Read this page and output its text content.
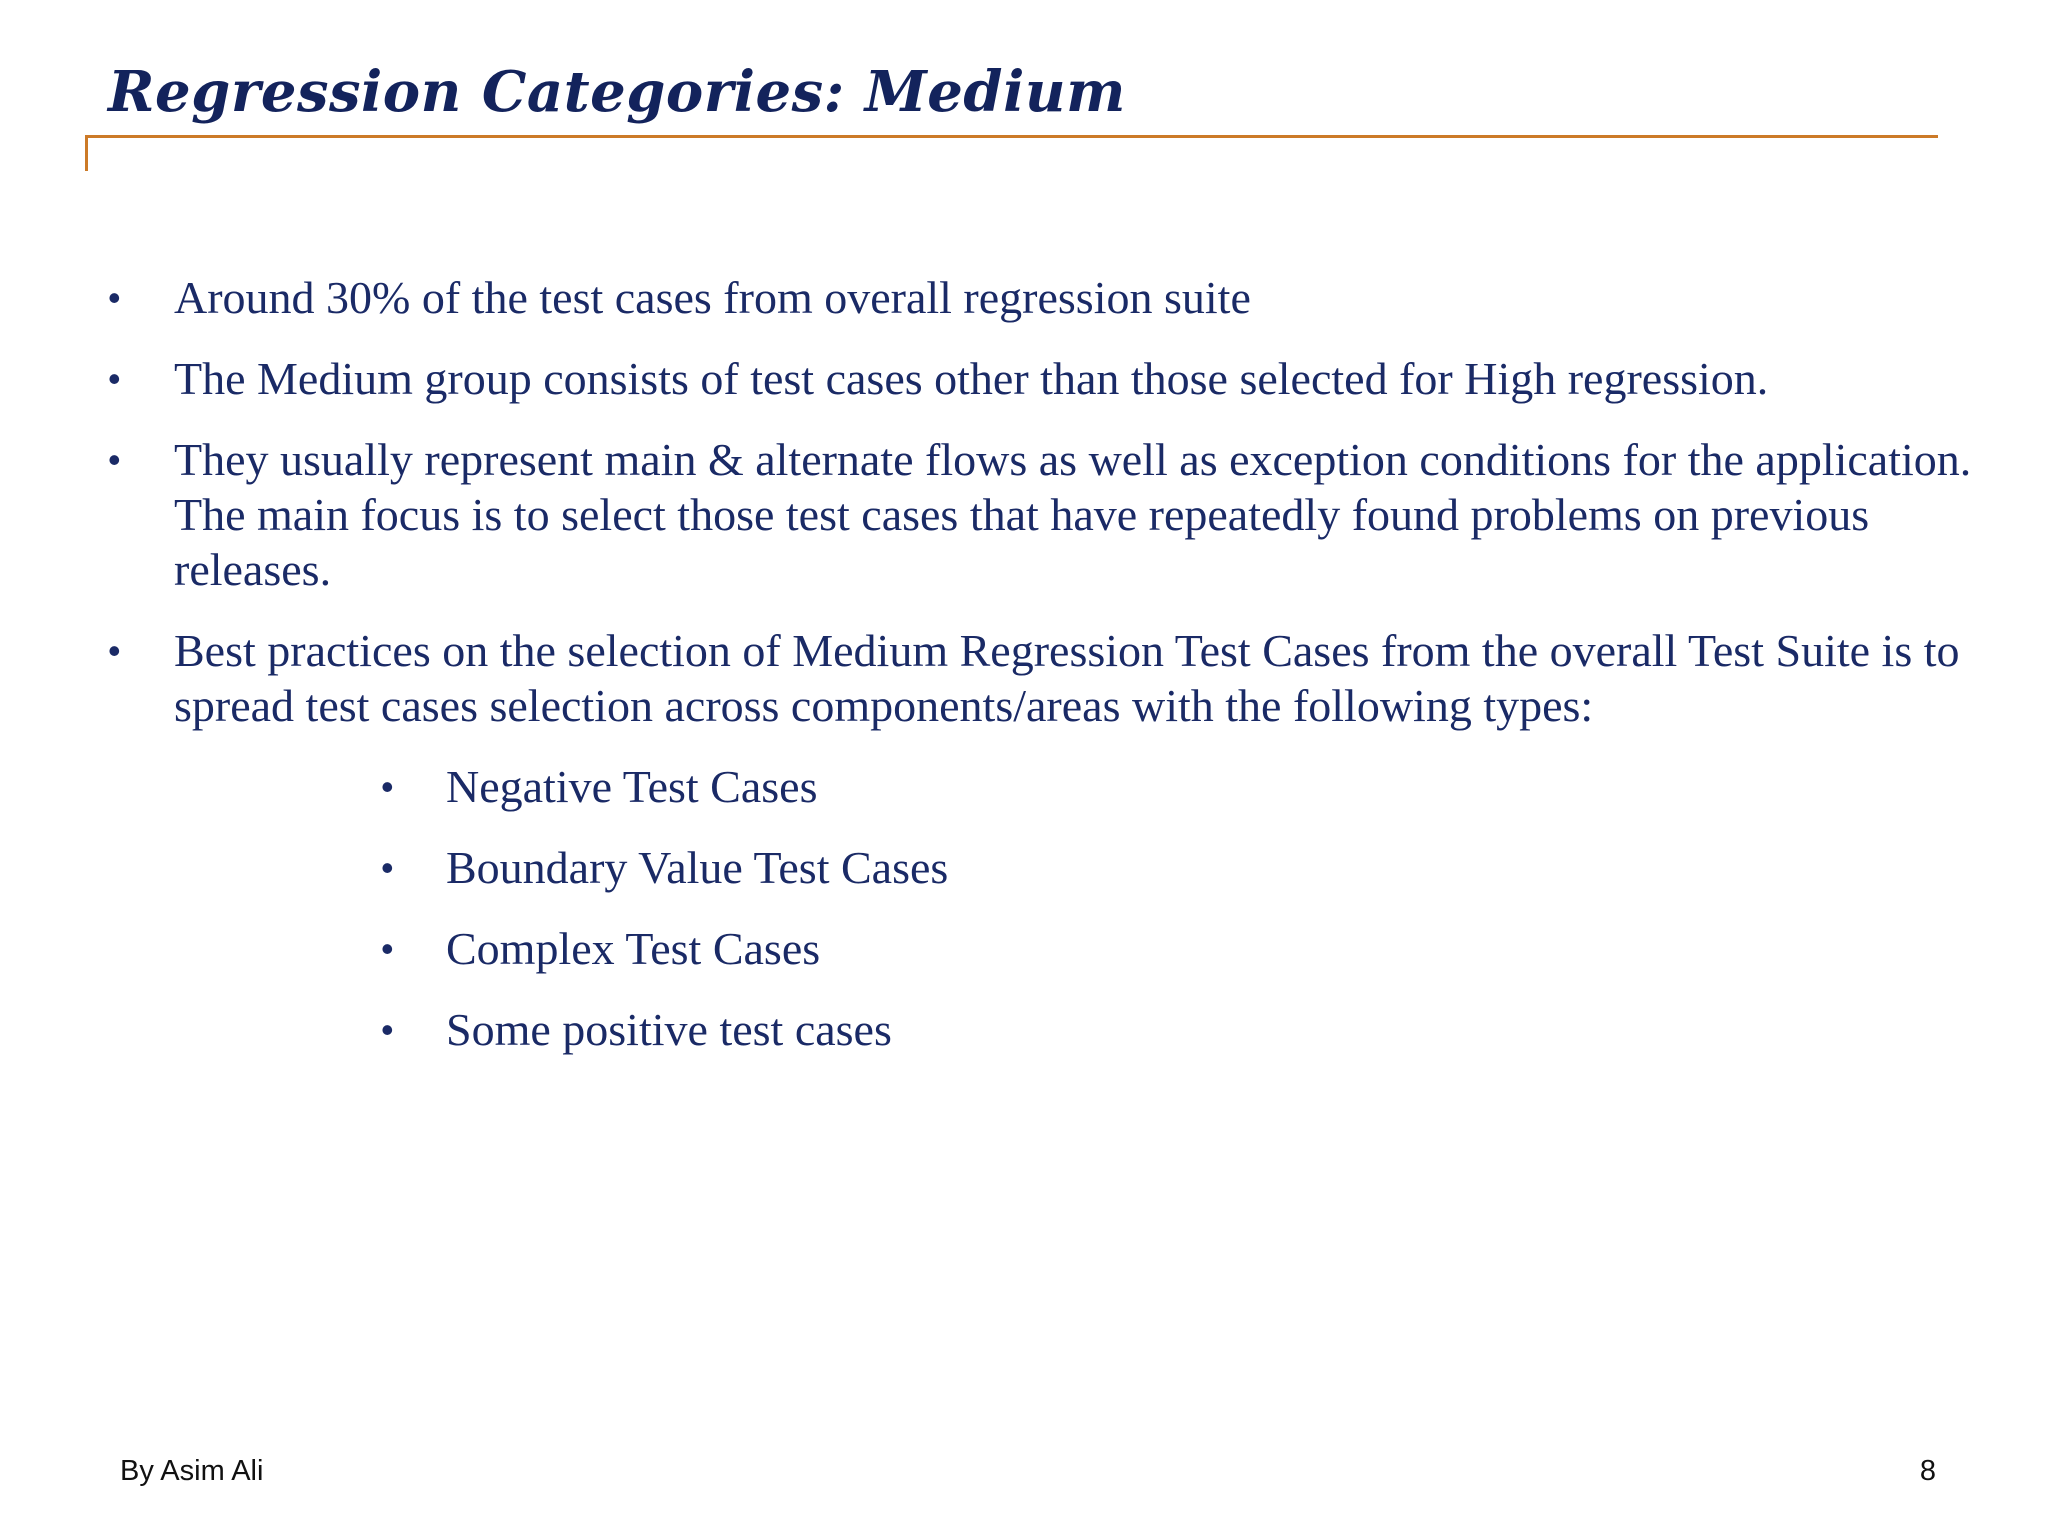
Regression Categories: Medium
•	Around 30% of the test cases from overall regression suite
•	The Medium group consists of test cases other than those selected for High regression.
•	They usually represent main & alternate flows as well as exception conditions for the application. The main focus is to select those test cases that have repeatedly found problems on previous releases.
•	Best practices on the selection of Medium Regression Test Cases from the overall Test Suite is to spread test cases selection across components/areas with the following types:
•	Negative Test Cases
•	Boundary Value Test Cases
•	Complex Test Cases
•	Some positive test cases
By Asim Ali	8
